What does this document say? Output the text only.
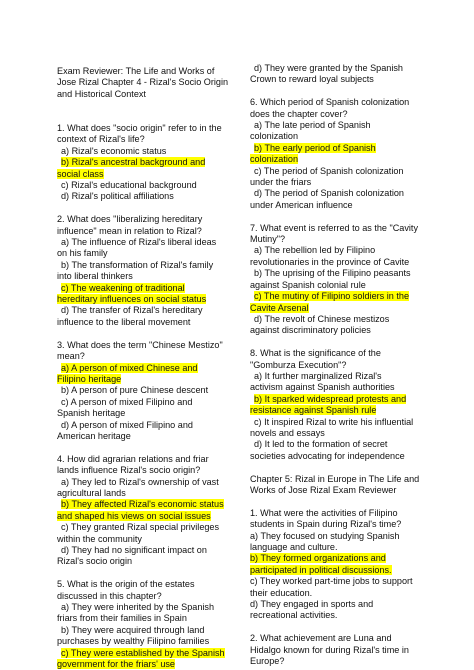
Exam Reviewer: The Life and Works of
Jose Rizal Chapter 4 - Rizal's Socio Origin
and Historical Context
1. What does "socio origin" refer to in the
context of Rizal's life?
a) Rizal's economic status
b) Rizal's ancestral background and
social class
c) Rizal's educational background
d) Rizal's political affiliations
2. What does "liberalizing hereditary
influence" mean in relation to Rizal?
a) The influence of Rizal's liberal ideas
on his family
b) The transformation of Rizal's family
into liberal thinkers
c) The weakening of traditional
hereditary influences on social status
d) The transfer of Rizal's hereditary
influence to the liberal movement
3. What does the term "Chinese Mestizo"
mean?
a) A person of mixed Chinese and
Filipino heritage
b) A person of pure Chinese descent
c) A person of mixed Filipino and
Spanish heritage
d) A person of mixed Filipino and
American heritage
4. How did agrarian relations and friar
lands influence Rizal's socio origin?
a) They led to Rizal's ownership of vast
agricultural lands
b) They affected Rizal's economic status
and shaped his views on social issues
c) They granted Rizal special privileges
within the community
d) They had no significant impact on
Rizal's socio origin
5. What is the origin of the estates
discussed in this chapter?
a) They were inherited by the Spanish
friars from their families in Spain
b) They were acquired through land
purchases by wealthy Filipino families
c) They were established by the Spanish
government for the friars' use
d) They were granted by the Spanish
Crown to reward loyal subjects
6. Which period of Spanish colonization
does the chapter cover?
a) The late period of Spanish
colonization
b) The early period of Spanish
colonization
c) The period of Spanish colonization
under the friars
d) The period of Spanish colonization
under American influence
7. What event is referred to as the "Cavity
Mutiny"?
a) The rebellion led by Filipino
revolutionaries in the province of Cavite
b) The uprising of the Filipino peasants
against Spanish colonial rule
c) The mutiny of Filipino soldiers in the
Cavite Arsenal
d) The revolt of Chinese mestizos
against discriminatory policies
8. What is the significance of the
"Gomburza Execution"?
a) It further marginalized Rizal's
activism against Spanish authorities
b) It sparked widespread protests and
resistance against Spanish rule
c) It inspired Rizal to write his influential
novels and essays
d) It led to the formation of secret
societies advocating for independence
Chapter 5: Rizal in Europe in The Life and
Works of Jose Rizal Exam Reviewer
1. What were the activities of Filipino
students in Spain during Rizal's time?
a) They focused on studying Spanish
language and culture.
b) They formed organizations and
participated in political discussions.
c) They worked part-time jobs to support
their education.
d) They engaged in sports and
recreational activities.
2. What achievement are Luna and
Hidalgo known for during Rizal's time in
Europe?
